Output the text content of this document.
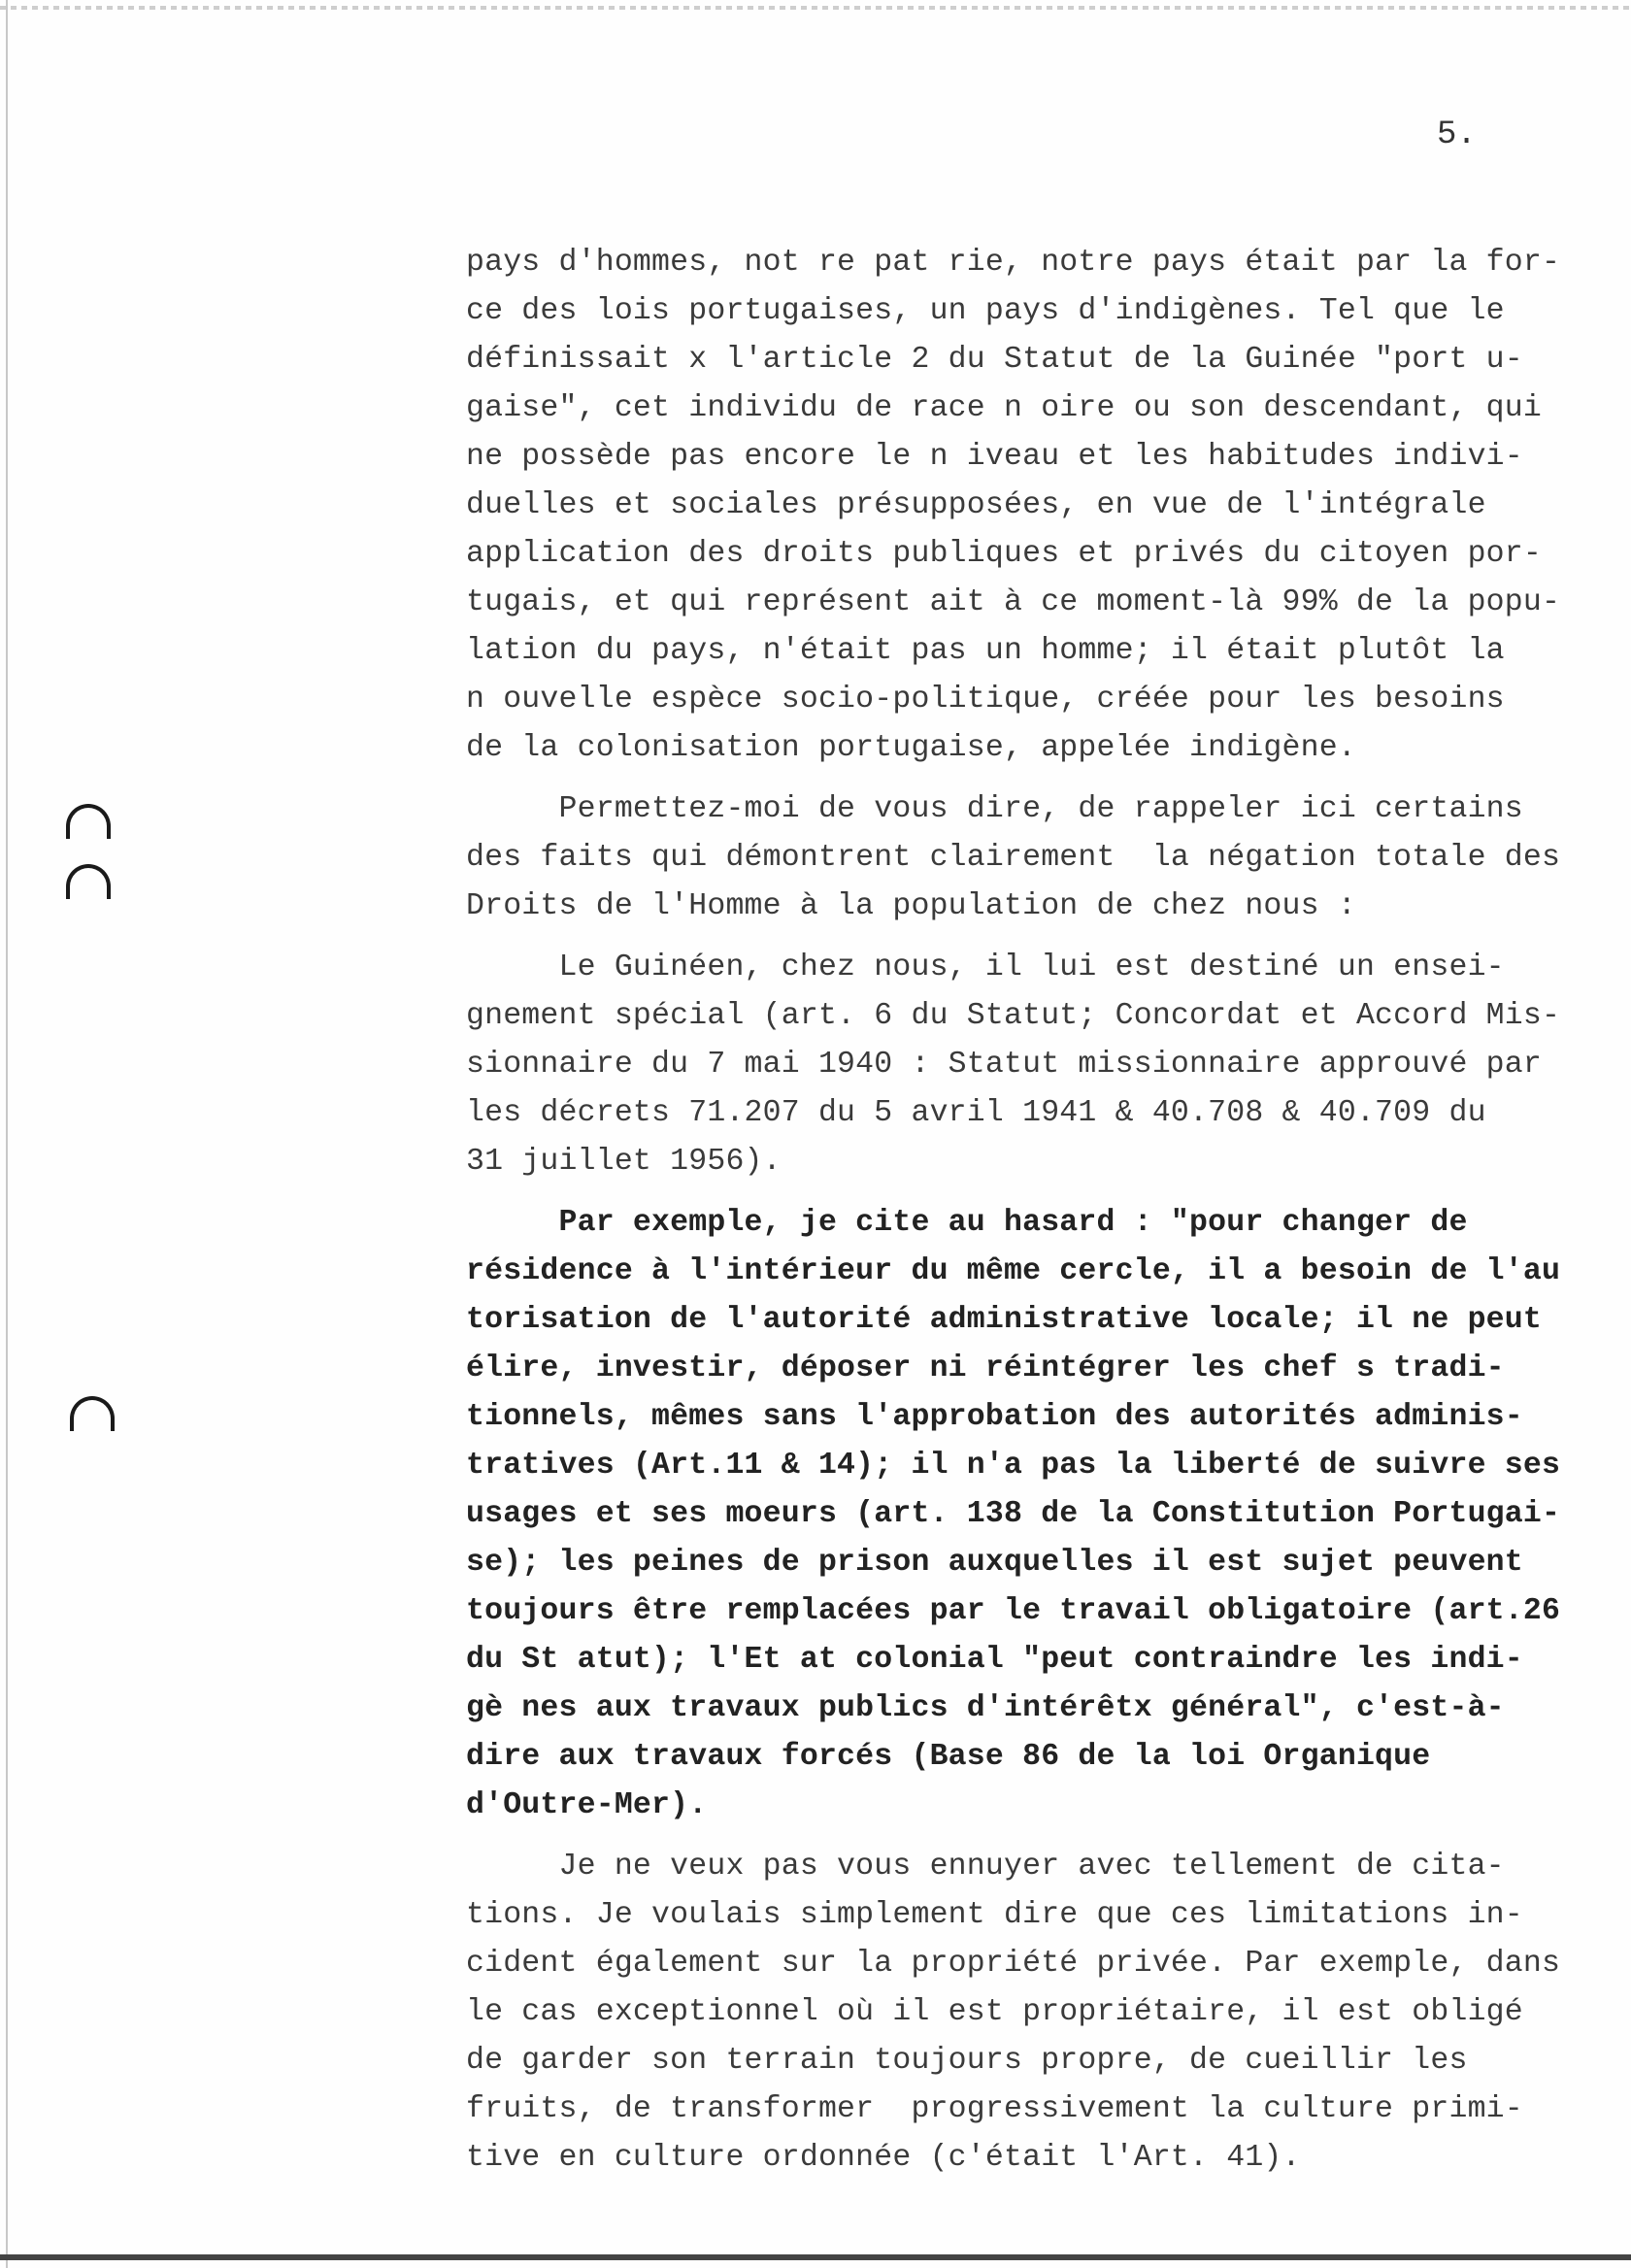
5.
pays d'hommes, not re pat rie, notre pays était par la for-
ce des lois portugaises, un pays d'indigènes. Tel que le
définissait x l'article 2 du Statut de la Guinée "port u-
gaise", cet individu de race n oire ou son descendant, qui
ne possède pas encore le n iveau et les habitudes indivi-
duelles et sociales présupposées, en vue de l'intégrale
application des droits publiques et privés du citoyen por-
tugais, et qui représent ait à ce moment-là 99% de la popu-
lation du pays, n'était pas un homme; il était plutôt la
n ouvelle espèce socio-politique, créée pour les besoins
de la colonisation portugaise, appelée indigène.
Permettez-moi de vous dire, de rappeler ici certains
des faits qui démontrent clairement  la négation totale des
Droits de l'Homme à la population de chez nous :
Le Guinéen, chez nous, il lui est destiné un ensei-
gnement spécial (art. 6 du Statut; Concordat et Accord Mis-
sionnaire du 7 mai 1940 : Statut missionnaire approuvé par
les décrets 71.207 du 5 avril 1941 & 40.708 & 40.709 du
31 juillet 1956).
Par exemple, je cite au hasard : "pour changer de
résidence à l'intérieur du même cercle, il a besoin de l'au
torisation de l'autorité administrative locale; il ne peut
élire, investir, déposer ni réintégrer les chef s tradi-
tionnels, mêmes sans l'approbation des autorités adminis-
tratives (Art.11 & 14); il n'a pas la liberté de suivre ses
usages et ses moeurs (art. 138 de la Constitution Portugai-
se); les peines de prison auxquelles il est sujet peuvent
toujours être remplacées par le travail obligatoire (art.26
du St atut); l'Et at colonial "peut contraindre les indi-
gè nes aux travaux publics d'intérêtx général", c'est-à-
dire aux travaux forcés (Base 86 de la loi Organique
d'Outre-Mer).
Je ne veux pas vous ennuyer avec tellement de cita-
tions. Je voulais simplement dire que ces limitations in-
cident également sur la propriété privée. Par exemple, dans
le cas exceptionnel où il est propriétaire, il est obligé
de garder son terrain toujours propre, de cueillir les
fruits, de transformer  progressivement la culture primi-
tive en culture ordonnée (c'était l'Art. 41).
